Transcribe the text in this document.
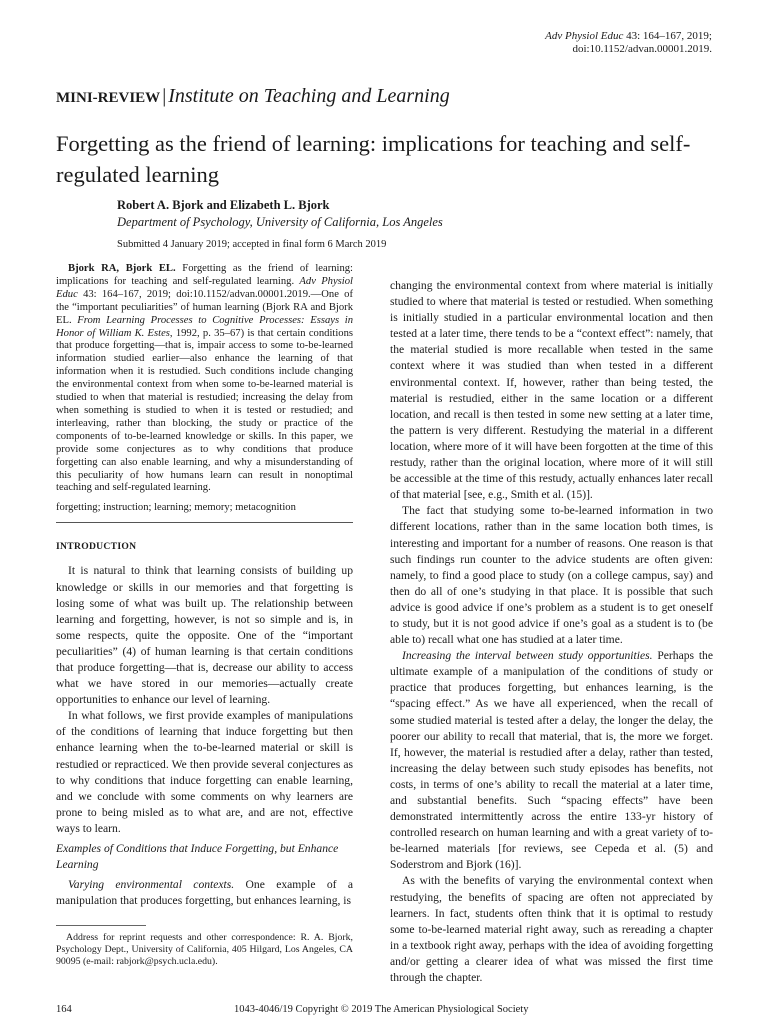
Adv Physiol Educ 43: 164–167, 2019;
doi:10.1152/advan.00001.2019.
MINI-REVIEW | Institute on Teaching and Learning
Forgetting as the friend of learning: implications for teaching and self-regulated learning
Robert A. Bjork and Elizabeth L. Bjork
Department of Psychology, University of California, Los Angeles
Submitted 4 January 2019; accepted in final form 6 March 2019

Bjork RA, Bjork EL. Forgetting as the friend of learning: implications for teaching and self-regulated learning. Adv Physiol Educ 43: 164–167, 2019; doi:10.1152/advan.00001.2019.—One of the “important peculiarities” of human learning (Bjork RA and Bjork EL. From Learning Processes to Cognitive Processes: Essays in Honor of William K. Estes, 1992, p. 35–67) is that certain conditions that produce forgetting—that is, impair access to some to-be-learned information studied earlier—also enhance the learning of that information when it is restudied. Such conditions include changing the environmental context from when some to-be-learned material is studied to when that material is restudied; increasing the delay from when something is studied to when it is tested or restudied; and interleaving, rather than blocking, the study or practice of the components of to-be-learned knowledge or skills. In this paper, we provide some conjectures as to why conditions that produce forgetting can also enable learning, and why a misunderstanding of this peculiarity of how humans learn can result in nonoptimal teaching and self-regulated learning.

forgetting; instruction; learning; memory; metacognition

INTRODUCTION

It is natural to think that learning consists of building up knowledge or skills in our memories and that forgetting is losing some of what was built up. The relationship between learning and forgetting, however, is not so simple and is, in some respects, quite the opposite. One of the “important peculiarities” (4) of human learning is that certain conditions that produce forgetting—that is, decrease our ability to access what we have stored in our memories—actually create opportunities to enhance our level of learning.

In what follows, we first provide examples of manipulations of the conditions of learning that induce forgetting but then enhance learning when the to-be-learned material or skill is restudied or repracticed. We then provide several conjectures as to why conditions that induce forgetting can enable learning, and we conclude with some comments on why learners are prone to being misled as to what are, and are not, effective ways to learn.

Examples of Conditions that Induce Forgetting, but Enhance Learning

Varying environmental contexts. One example of a manipulation that produces forgetting, but enhances learning, is

changing the environmental context from where material is initially studied to where that material is tested or restudied. When something is initially studied in a particular environmental location and then tested at a later time, there tends to be a “context effect”: namely, that the material studied is more recallable when tested in the same context where it was studied than when tested in a different environmental context. If, however, rather than being tested, the material is restudied, either in the same location or a different location, and recall is then tested in some new setting at a later time, the pattern is very different. Restudying the material in a different location, where more of it will have been forgotten at the time of this restudy, rather than the original location, where more of it will still be accessible at the time of this restudy, actually enhances later recall of that material [see, e.g., Smith et al. (15)].

The fact that studying some to-be-learned information in two different locations, rather than in the same location both times, is interesting and important for a number of reasons. One reason is that such findings run counter to the advice students are often given: namely, to find a good place to study (on a college campus, say) and then do all of one’s studying in that place. It is possible that such advice is good advice if one’s problem as a student is to get oneself to study, but it is not good advice if one’s goal as a student is to (be able to) recall what one has studied at a later time.

Increasing the interval between study opportunities. Perhaps the ultimate example of a manipulation of the conditions of study or practice that produces forgetting, but enhances learning, is the “spacing effect.” As we have all experienced, when the recall of some studied material is tested after a delay, the longer the delay, the poorer our ability to recall that material, that is, the more we forget. If, however, the material is restudied after a delay, rather than tested, increasing the delay between such study episodes has benefits, not costs, in terms of one’s ability to recall the material at a later time, and substantial benefits. Such “spacing effects” have been demonstrated intermittently across the entire 133-yr history of controlled research on human learning and with a great variety of to-be-learned materials [for reviews, see Cepeda et al. (5) and Soderstrom and Bjork (16)].

As with the benefits of varying the environmental context when restudying, the benefits of spacing are often not appreciated by learners. In fact, students often think that it is optimal to restudy some to-be-learned material right away, such as rereading a chapter in a textbook right away, perhaps with the idea of avoiding forgetting and/or getting a clearer idea of what was missed the first time through the chapter.

Address for reprint requests and other correspondence: R. A. Bjork, Psychology Dept., University of California, 405 Hilgard, Los Angeles, CA 90095 (e-mail: rabjork@psych.ucla.edu).
164	1043-4046/19 Copyright © 2019 The American Physiological Society
